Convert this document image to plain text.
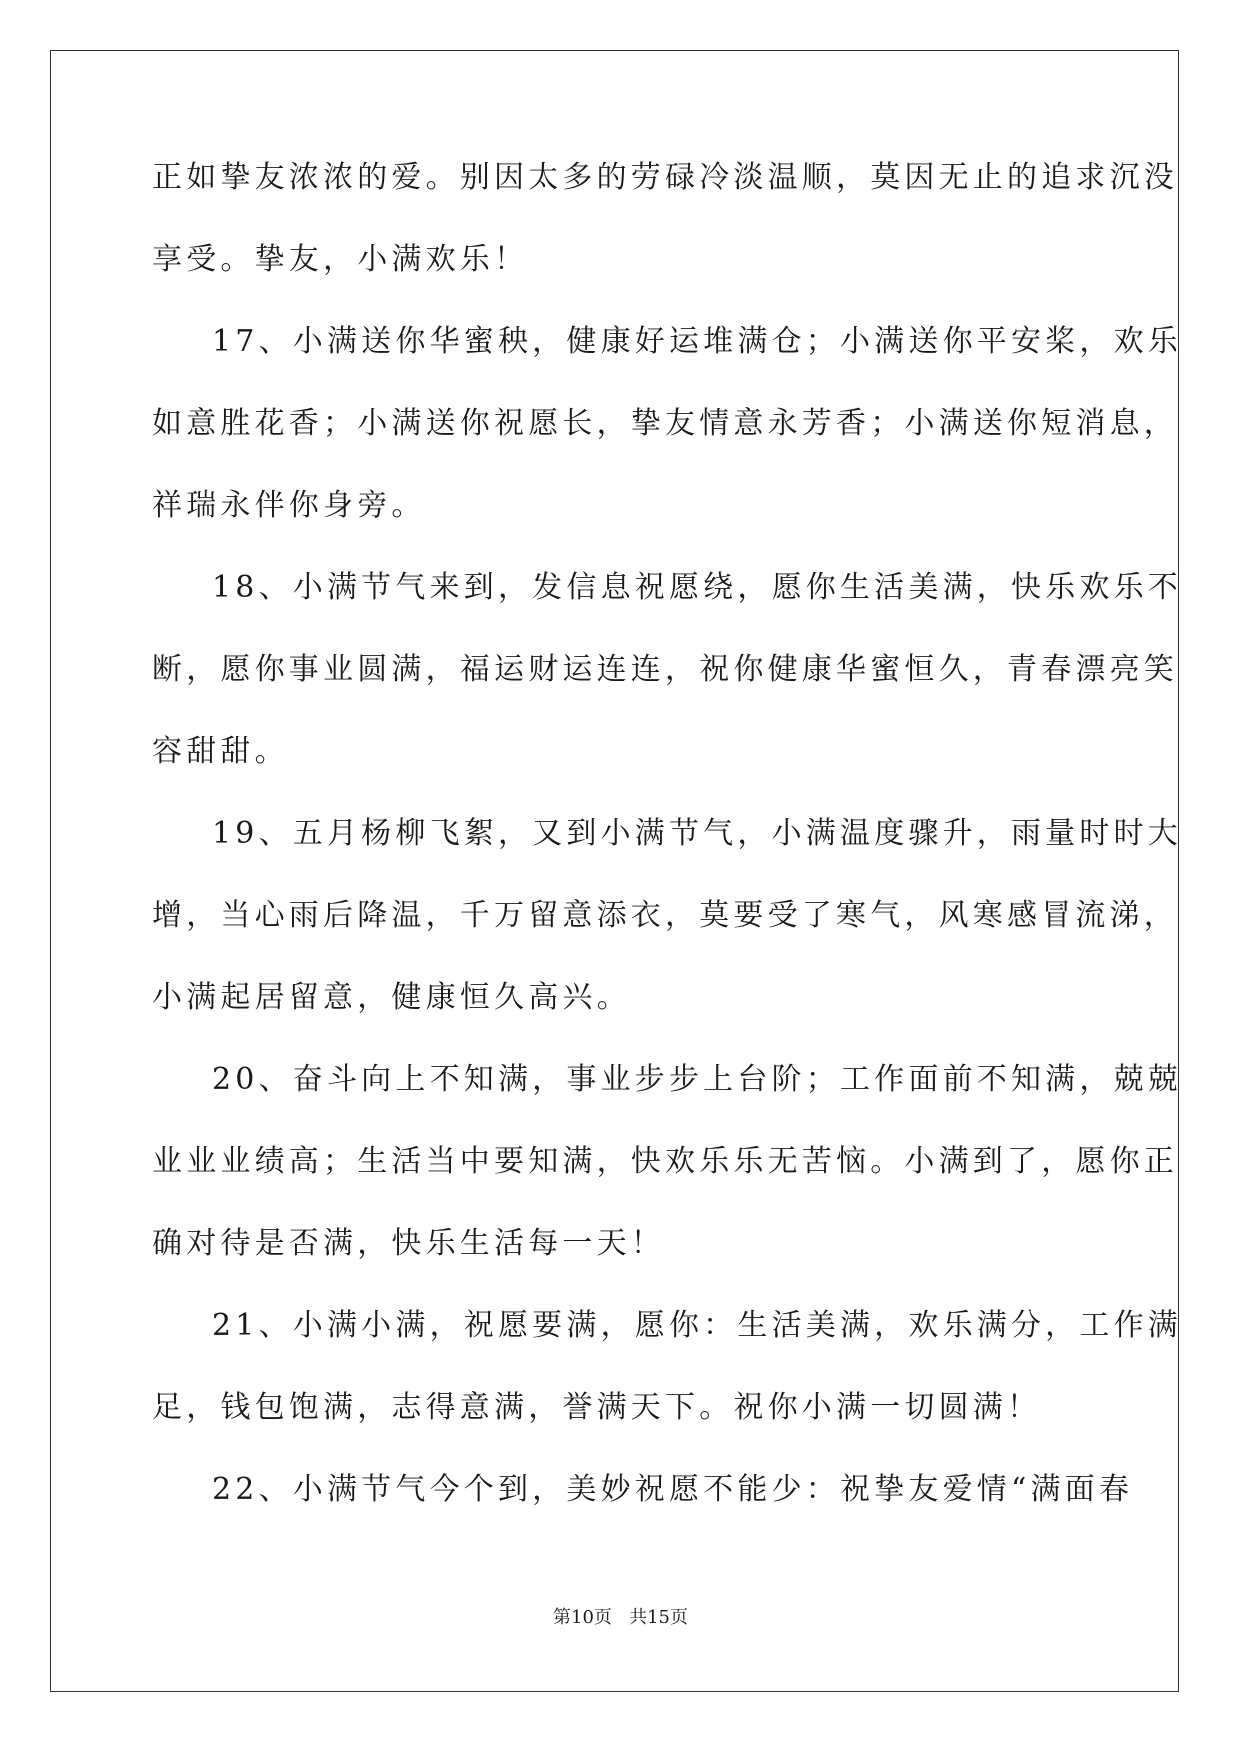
正如挚友浓浓的爱。别因太多的劳碌冷淡温顺，莫因无止的追求沉没
享受。挚友，小满欢乐！
17、小满送你华蜜秧，健康好运堆满仓；小满送你平安桨，欢乐
如意胜花香；小满送你祝愿长，挚友情意永芳香；小满送你短消息，
祥瑞永伴你身旁。
18、小满节气来到，发信息祝愿绕，愿你生活美满，快乐欢乐不
断，愿你事业圆满，福运财运连连，祝你健康华蜜恒久，青春漂亮笑
容甜甜。
19、五月杨柳飞絮，又到小满节气，小满温度骤升，雨量时时大
增，当心雨后降温，千万留意添衣，莫要受了寒气，风寒感冒流涕，
小满起居留意，健康恒久高兴。
20、奋斗向上不知满，事业步步上台阶；工作面前不知满，兢兢
业业业绩高；生活当中要知满，快欢乐乐无苦恼。小满到了，愿你正
确对待是否满，快乐生活每一天！
21、小满小满，祝愿要满，愿你：生活美满，欢乐满分，工作满
足，钱包饱满，志得意满，誉满天下。祝你小满一切圆满！
22、小满节气今个到，美妙祝愿不能少：祝挚友爱情“满面春
第10页   共15页
